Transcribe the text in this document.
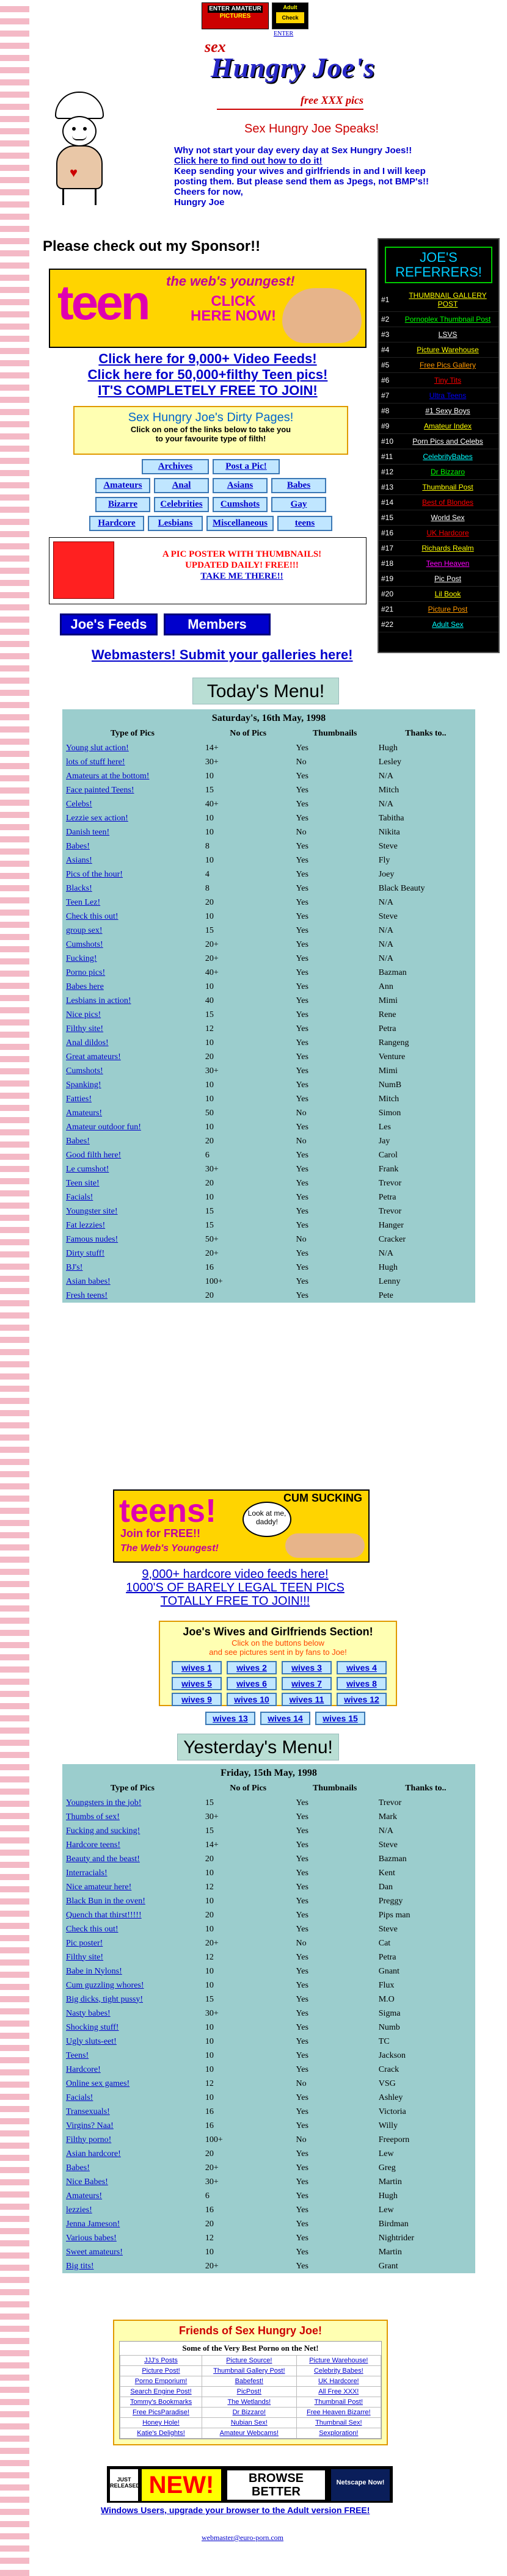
ENTER AMATEUR
PICTURES
Adult
Check
ENTER
sex
Hungry Joe's
free XXX pics
♥
Sex Hungry Joe Speaks!
Why not start your day every day at Sex Hungry Joes!!
Click here to find out how to do it!
Keep sending your wives and girlfriends in and I will keep
posting them. But please send them as Jpegs, not BMP's!!
Cheers for now,
Hungry Joe
Please check out my Sponsor!!
JOE'S REFERRERS!
#1	THUMBNAIL GALLERY POST
#2	Pornoplex Thumbnail Post
#3	LSVS
#4	Picture Warehouse
#5	Free Pics Gallery
#6	Tiny Tits
#7	Ultra Teens
#8	#1 Sexy Boys
#9	Amateur Index
#10	Porn Pics and Celebs
#11	CelebrityBabes
#12	Dr Bizzaro
#13	Thumbnail Post
#14	Best of Blondes
#15	World Sex
#16	UK Hardcore
#17	Richards Realm
#18	Teen Heaven
#19	Pic Post
#20	Lil Book
#21	Picture Post
#22	Adult Sex
teen the web's youngest!
CLICK HERE NOW!
Click here for 9,000+ Video Feeds!
Click here for 50,000+filthy Teen pics!
IT'S COMPLETELY FREE TO JOIN!
Sex Hungry Joe's Dirty Pages!
Click on one of the links below to take you
to your favourite type of filth!
Archives	Post a Pic!
Amateurs	Anal	Asians	Babes
Bizarre	Celebrities	Cumshots	Gay
Hardcore	Lesbians	Miscellaneous	teens
A PIC POSTER WITH THUMBNAILS!
UPDATED DAILY! FREE!!!
TAKE ME THERE!!
Joe's Feeds	Members
Webmasters! Submit your galleries here!
Today's Menu!
Saturday's, 16th May, 1998
Type of Pics	No of Pics	Thumbnails	Thanks to..
Young slut action!	14+	Yes	Hugh
lots of stuff here!	30+	No	Lesley
Amateurs at the bottom!	10	Yes	N/A
Face painted Teens!	15	Yes	Mitch
Celebs!	40+	Yes	N/A
Lezzie sex action!	10	Yes	Tabitha
Danish teen!	10	No	Nikita
Babes!	8	Yes	Steve
Asians!	10	Yes	Fly
Pics of the hour!	4	Yes	Joey
Blacks!	8	Yes	Black Beauty
Teen Lez!	20	Yes	N/A
Check this out!	10	Yes	Steve
group sex!	15	Yes	N/A
Cumshots!	20+	Yes	N/A
Fucking!	20+	Yes	N/A
Porno pics!	40+	Yes	Bazman
Babes here	10	Yes	Ann
Lesbians in action!	40	Yes	Mimi
Nice pics!	15	Yes	Rene
Filthy site!	12	Yes	Petra
Anal dildos!	10	Yes	Rangeng
Great amateurs!	20	Yes	Venture
Cumshots!	30+	Yes	Mimi
Spanking!	10	Yes	NumB
Fatties!	10	Yes	Mitch
Amateurs!	50	No	Simon
Amateur outdoor fun!	10	Yes	Les
Babes!	20	No	Jay
Good filth here!	6	Yes	Carol
Le cumshot!	30+	Yes	Frank
Teen site!	20	Yes	Trevor
Facials!	10	Yes	Petra
Youngster site!	15	Yes	Trevor
Fat lezzies!	15	Yes	Hanger
Famous nudes!	50+	No	Cracker
Dirty stuff!	20+	Yes	N/A
BJ's!	16	Yes	Hugh
Asian babes!	100+	Yes	Lenny
Fresh teens!	20	Yes	Pete
teens!
Join for FREE!!
The Web's Youngest!
CUM SUCKING
Look at me, daddy!
9,000+ hardcore video feeds here!
1000'S OF BARELY LEGAL TEEN PICS
TOTALLY FREE TO JOIN!!!
Joe's Wives and Girlfriends Section!
Click on the buttons below
and see pictures sent in by fans to Joe!
wives 1	wives 2	wives 3	wives 4
wives 5	wives 6	wives 7	wives 8
wives 9	wives 10	wives 11	wives 12
wives 13	wives 14	wives 15
Yesterday's Menu!
Friday, 15th May, 1998
Type of Pics	No of Pics	Thumbnails	Thanks to..
Youngsters in the job!	15	Yes	Trevor
Thumbs of sex!	30+	Yes	Mark
Fucking and sucking!	15	Yes	N/A
Hardcore teens!	14+	Yes	Steve
Beauty and the beast!	20	Yes	Bazman
Interracials!	10	Yes	Kent
Nice amateur here!	12	Yes	Dan
Black Bun in the oven!	10	Yes	Preggy
Quench that thirst!!!!!	20	Yes	Pips man
Check this out!	10	Yes	Steve
Pic poster!	20+	No	Cat
Filthy site!	12	Yes	Petra
Babe in Nylons!	10	Yes	Gnant
Cum guzzling whores!	10	Yes	Flux
Big dicks, tight pussy!	15	Yes	M.O
Nasty babes!	30+	Yes	Sigma
Shocking stuff!	10	Yes	Numb
Ugly sluts-eet!	10	Yes	TC
Teens!	10	Yes	Jackson
Hardcore!	10	Yes	Crack
Online sex games!	12	No	VSG
Facials!	10	Yes	Ashley
Transexuals!	16	Yes	Victoria
Virgins? Naa!	16	Yes	Willy
Filthy porno!	100+	No	Freeporn
Asian hardcore!	20	Yes	Lew
Babes!	20+	Yes	Greg
Nice Babes!	30+	Yes	Martin
Amateurs!	6	Yes	Hugh
lezzies!	16	Yes	Lew
Jenna Jameson!	20	Yes	Birdman
Various babes!	12	Yes	Nightrider
Sweet amateurs!	10	Yes	Martin
Big tits!	20+	Yes	Grant
Friends of Sex Hungry Joe!
Some of the Very Best Porno on the Net!
JJJ's Posts	Picture Source!	Picture Warehouse!
Picture Post!	Thumbnail Gallery Post!	Celebrity Babes!
Porno Emporium!	Babefest!	UK Hardcore!
Search Engine Post!	PicPost!	All Free XXX!
Tommy's Bookmarks	The Wetlands!	Thumbnail Post!
Free PicsParadise!	Dr Bizzaro!	Free Heaven Bizarre!
Honey Hole!	Nubian Sex!	Thumbnail Sex!
Katie's Delights!	Amateur Webcams!	Sexploration!
JUST RELEASED NEW!	BROWSE BETTER
Netscape Now!
Windows Users, upgrade your browser to the Adult version FREE!
webmaster@euro-porn.com
